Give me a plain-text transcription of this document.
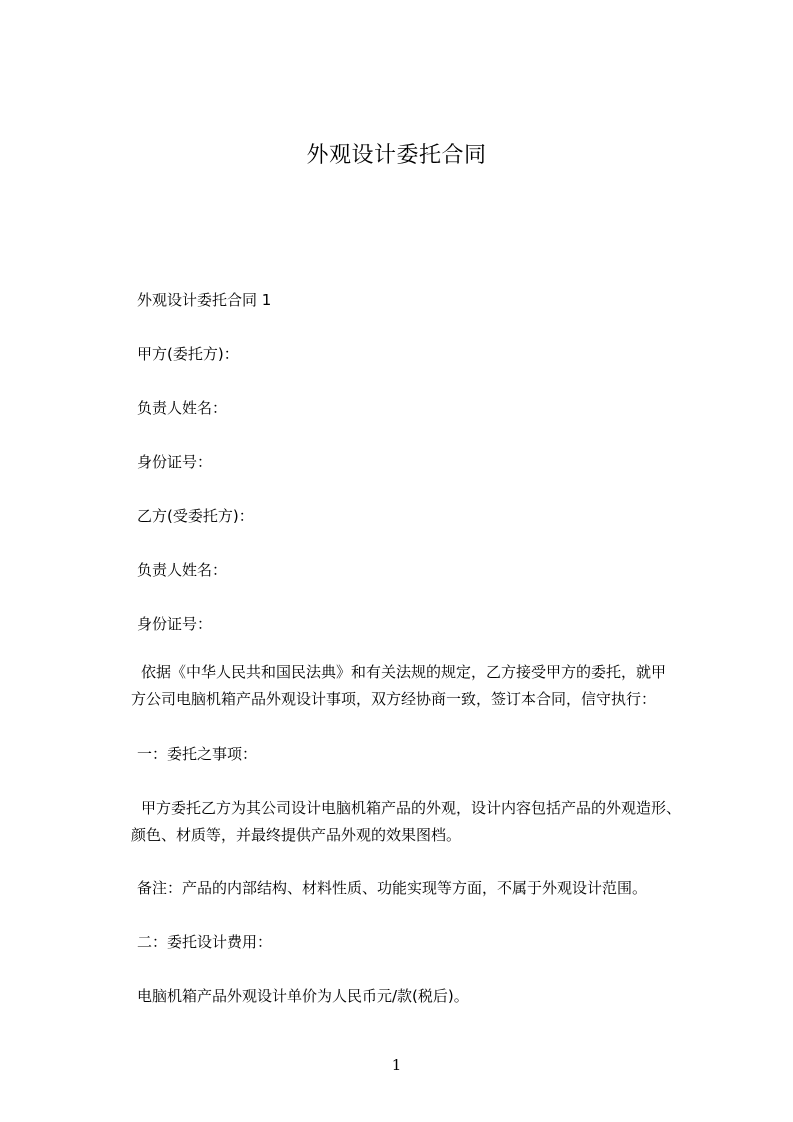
外观设计委托合同
外观设计委托合同 1
甲方(委托方)：
负责人姓名：
身份证号：
乙方(受委托方)：
负责人姓名：
身份证号：
依据《中华人民共和国民法典》和有关法规的规定，乙方接受甲方的委托，就甲
方公司电脑机箱产品外观设计事项，双方经协商一致，签订本合同，信守执行：
一：委托之事项：
甲方委托乙方为其公司设计电脑机箱产品的外观，设计内容包括产品的外观造形、
颜色、材质等，并最终提供产品外观的效果图档。
备注：产品的内部结构、材料性质、功能实现等方面，不属于外观设计范围。
二：委托设计费用：
电脑机箱产品外观设计单价为人民币元/款(税后)。
1
